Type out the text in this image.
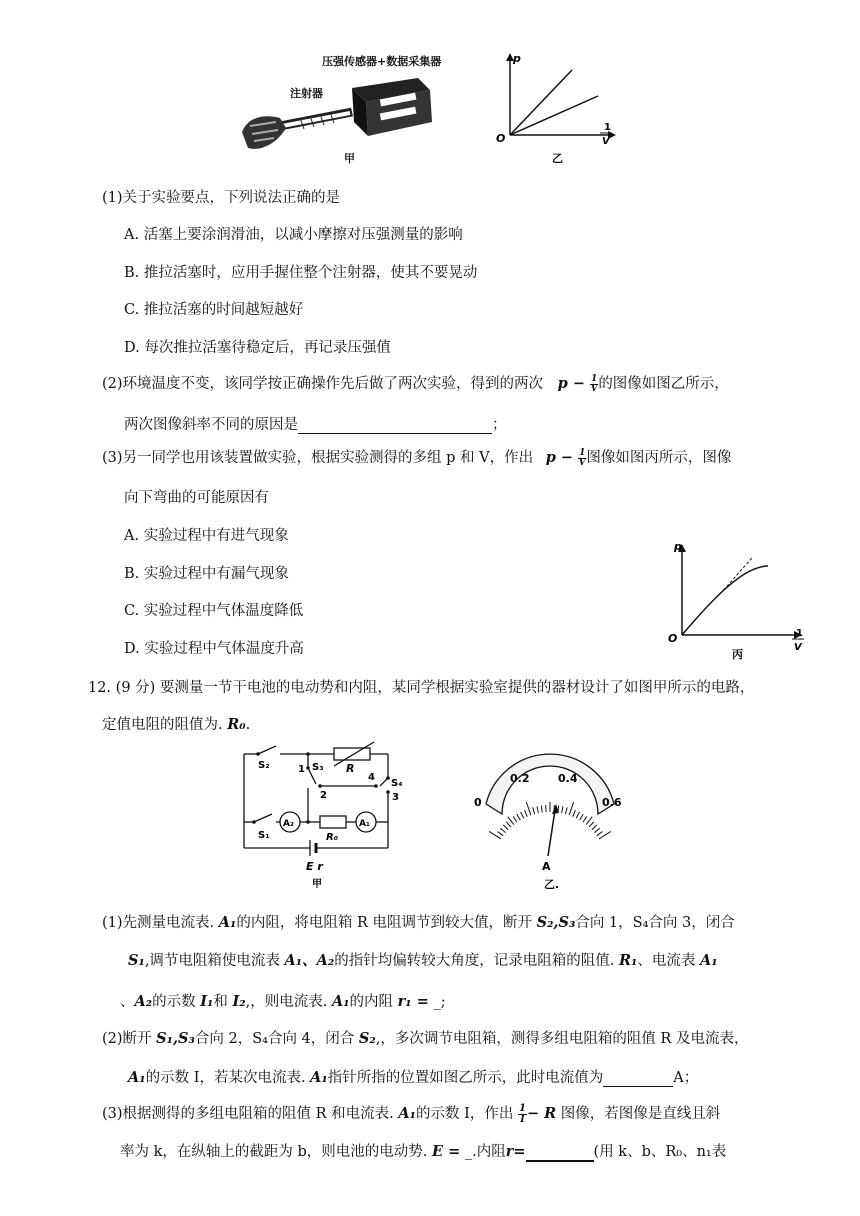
压强传感器+数据采集器
注射器
甲
p
O
1
V
乙
(1)关于实验要点，下列说法正确的是
A. 活塞上要涂润滑油，以减小摩擦对压强测量的影响
B. 推拉活塞时，应用手握住整个注射器，使其不要晃动
C. 推拉活塞的时间越短越好
D. 每次推拉活塞待稳定后，再记录压强值
(2)环境温度不变，该同学按正确操作先后做了两次实验，得到的两次 $p - \frac{1}{V}$ 的图像如图乙所示，
两次图像斜率不同的原因是	；
(3)另一同学也用该装置做实验，根据实验测得的多组 p 和 V，作出 $p - \frac{1}{V}$ 图像如图丙所示，图像
向下弯曲的可能原因有
A. 实验过程中有进气现象
B. 实验过程中有漏气现象
C. 实验过程中气体温度降低
D. 实验过程中气体温度升高
p
O	1
V
丙
12. (9 分) 要测量一节干电池的电动势和内阻，某同学根据实验室提供的器材设计了如图甲所示的电路，
定值电阻的阻值为. R₀.
S₂	R
1 S₃
4
S₄
3
2
S₁
A₂
R₀
A₁
E r
甲
0
0.2	0.4
0.6
A
乙.
(1)先测量电流表. A₁的内阻，将电阻箱 R 电阻调节到较大值，断开 S₂,S₃合向 1，S₄合向 3，闭合
S₁,调节电阻箱使电流表 A₁、A₂的指针均偏转较大角度，记录电阻箱的阻值. R₁、电流表 A₁
、A₂的示数 I₁和 I₂,，则电流表. A₁的内阻 r₁ = _;
(2)断开 S₁,S₃合向 2，S₄合向 4，闭合 S₂,，多次调节电阻箱，测得多组电阻箱的阻值 R 及电流表，
A₁的示数 I，若某次电流表. A₁指针所指的位置如图乙所示，此时电流值为	A；
(3)根据测得的多组电阻箱的阻值 R 和电流表. A₁的示数 I，作出 $\frac{1}{I} - R$ 图像，若图像是直线且斜
率为 k，在纵轴上的截距为 b，则电池的电动势. E = _.内阻r=	(用 k、b、R₀、n₁表
